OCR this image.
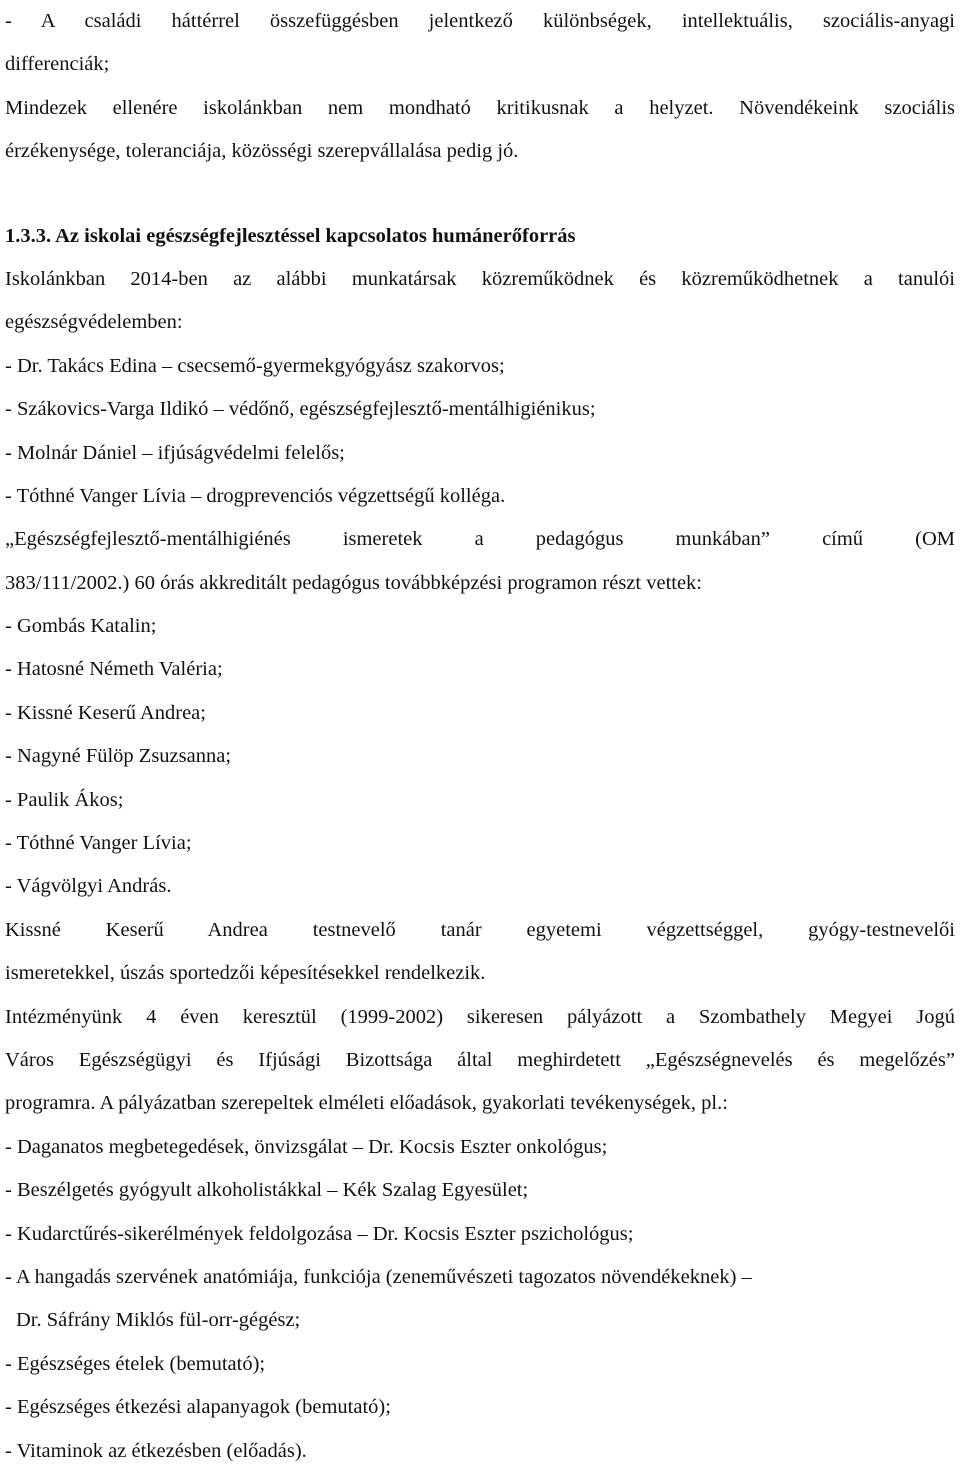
- A családi háttérrel összefüggésben jelentkező különbségek, intellektuális, szociális-anyagi
differenciák;
Mindezek ellenére iskolánkban nem mondható kritikusnak a helyzet. Növendékeink szociális
érzékenysége, toleranciája, közösségi szerepvállalása pedig jó.
1.3.3. Az iskolai egészségfejlesztéssel kapcsolatos humánerőforrás
Iskolánkban 2014-ben az alábbi munkatársak közreműködnek és közreműködhetnek a tanulói
egészségvédelemben:
- Dr. Takács Edina – csecsemő-gyermekgyógyász szakorvos;
- Szákovics-Varga Ildikó – védőnő, egészségfejlesztő-mentálhigiénikus;
- Molnár Dániel – ifjúságvédelmi felelős;
- Tóthné Vanger Lívia – drogprevenciós végzettségű kolléga.
„Egészségfejlesztő-mentálhigiénés ismeretek a pedagógus munkában” című (OM
383/111/2002.) 60 órás akkreditált pedagógus továbbképzési programon részt vettek:
- Gombás Katalin;
- Hatosné Németh Valéria;
- Kissné Keserű Andrea;
- Nagyné Fülöp Zsuzsanna;
- Paulik Ákos;
- Tóthné Vanger Lívia;
- Vágvölgyi András.
Kissné Keserű Andrea testnevelő tanár egyetemi végzettséggel, gyógy-testnevelői
ismeretekkel, úszás sportedzői képesítésekkel rendelkezik.
Intézményünk 4 éven keresztül (1999-2002) sikeresen pályázott a Szombathely Megyei Jogú
Város Egészségügyi és Ifjúsági Bizottsága által meghirdetett „Egészségnevelés és megelőzés”
programra. A pályázatban szerepeltek elméleti előadások, gyakorlati tevékenységek, pl.:
- Daganatos megbetegedések, önvizsgálat – Dr. Kocsis Eszter onkológus;
- Beszélgetés gyógyult alkoholistákkal – Kék Szalag Egyesület;
- Kudarctűrés-sikerélmények feldolgozása – Dr. Kocsis Eszter pszichológus;
- A hangadás szervének anatómiája, funkciója (zeneművészeti tagozatos növendékeknek) –
Dr. Sáfrány Miklós fül-orr-gégész;
- Egészséges ételek (bemutató);
- Egészséges étkezési alapanyagok (bemutató);
- Vitaminok az étkezésben (előadás).
